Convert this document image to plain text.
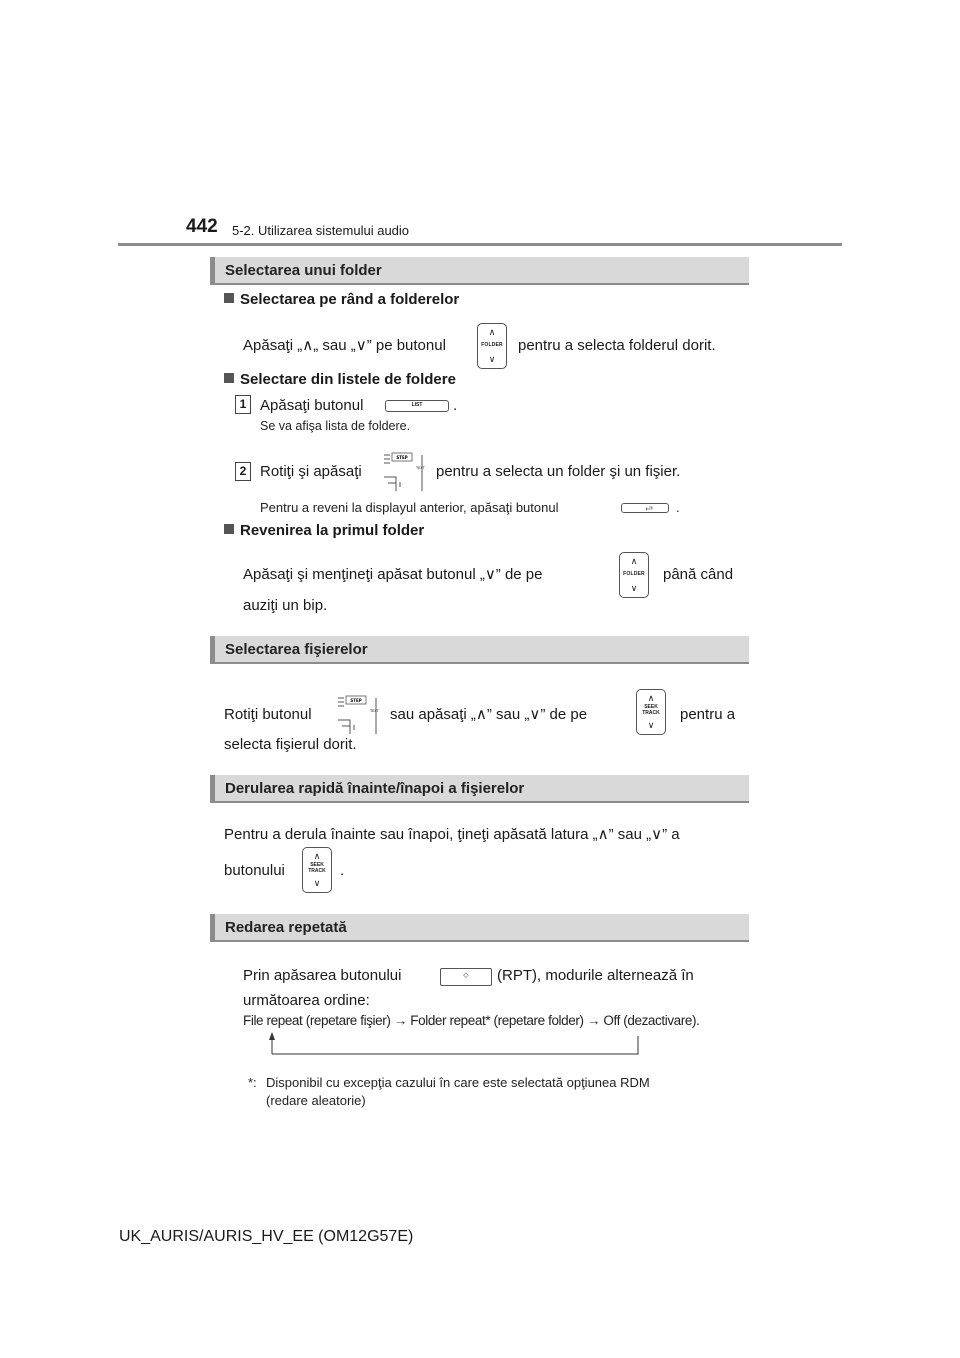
442 5-2. Utilizarea sistemului audio
Selectarea unui folder
Selectarea pe rând a folderelor
Apăsaţi „∧„ sau „∨” pe butonul
∧
FOLDER
∨
pentru a selecta folderul dorit.
Selectare din listele de foldere
1 Apăsaţi butonul	LIST	.
Se va afişa lista de foldere.
2 Rotiţi şi apăsaţi
STEP
TEXT pentru a selecta un folder şi un fişier.
Pentru a reveni la displayul anterior, apăsaţi butonul	.
Revenirea la primul folder
Apăsaţi şi menţineţi apăsat butonul „∨” de pe
∧
FOLDER
∨
până când
auziţi un bip.
Selectarea fişierelor
Rotiţi butonul
STEP
TEXT sau apăsaţi „∧” sau „∨” de pe
∧
SEEK
TRACK
∨
pentru a
selecta fişierul dorit.
Derularea rapidă înainte/înapoi a fişierelor
Pentru a derula înainte sau înapoi, ţineţi apăsată latura „∧” sau „∨” a
butonului
∧
SEEK
TRACK
∨
.
Redarea repetată
Prin apăsarea butonului	◇	(RPT), modurile alternează în
următoarea ordine:
File repeat (repetare fişier) → Folder repeat* (repetare folder) → Off (dezactivare).
*: Disponibil cu excepţia cazului în care este selectată opţiunea RDM
(redare aleatorie)
UK_AURIS/AURIS_HV_EE (OM12G57E)
